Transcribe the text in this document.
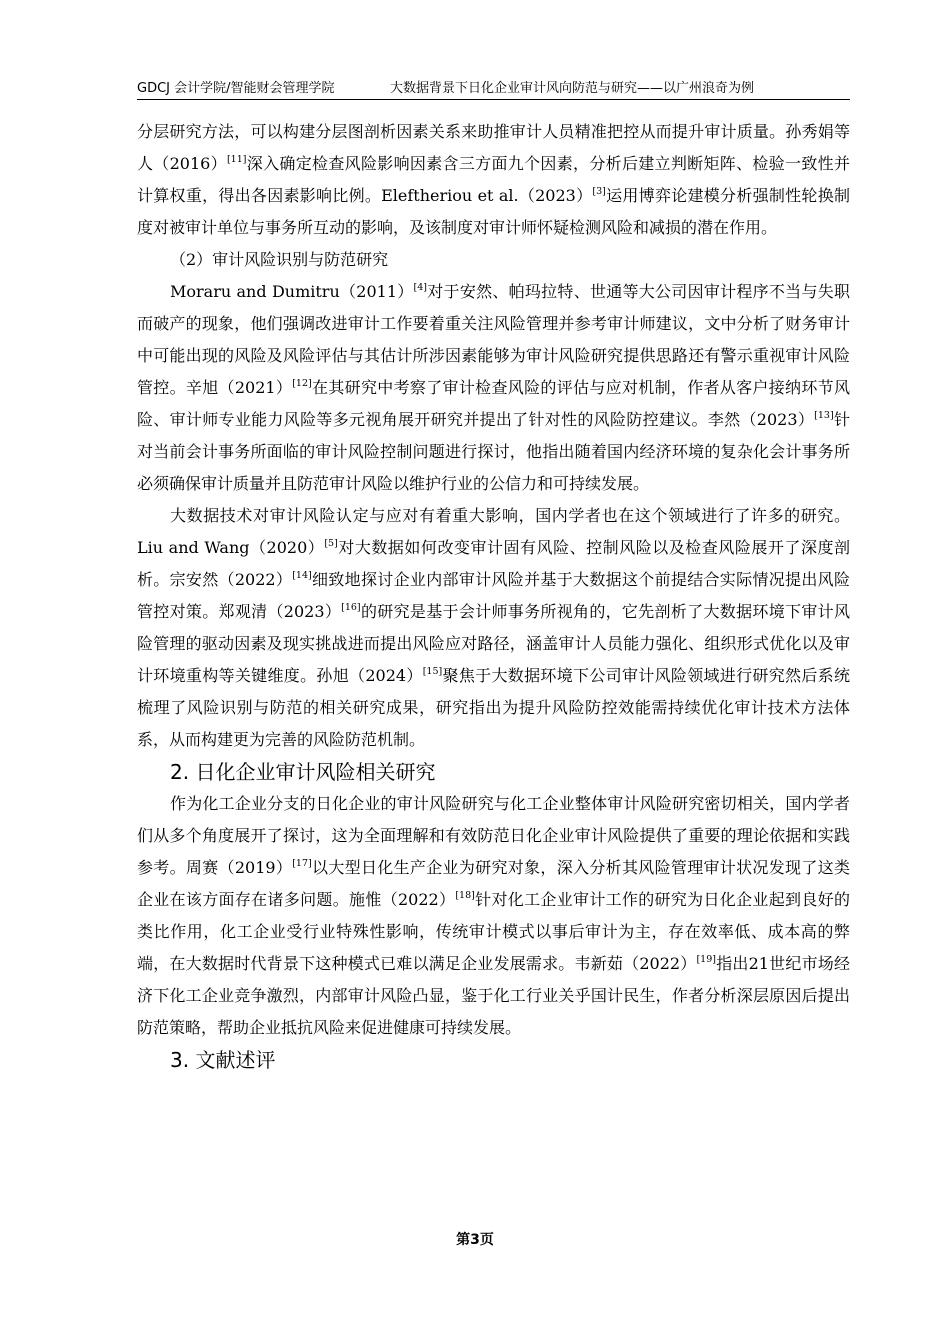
GDCJ 会计学院/智能财会管理学院	大数据背景下日化企业审计风向防范与研究——以广州浪奇为例

分层研究方法，可以构建分层图剖析因素关系来助推审计人员精准把控从而提升审计质量。孙秀娟等人（2016）[11]深入确定检查风险影响因素含三方面九个因素，分析后建立判断矩阵、检验一致性并计算权重，得出各因素影响比例。Eleftheriou et al.（2023）[3]运用博弈论建模分析强制性轮换制度对被审计单位与事务所互动的影响，及该制度对审计师怀疑检测风险和减损的潜在作用。

（2）审计风险识别与防范研究

Moraru and Dumitru（2011）[4]对于安然、帕玛拉特、世通等大公司因审计程序不当与失职而破产的现象，他们强调改进审计工作要着重关注风险管理并参考审计师建议，文中分析了财务审计中可能出现的风险及风险评估与其估计所涉因素能够为审计风险研究提供思路还有警示重视审计风险管控。辛旭（2021）[12]在其研究中考察了审计检查风险的评估与应对机制，作者从客户接纳环节风险、审计师专业能力风险等多元视角展开研究并提出了针对性的风险防控建议。李然（2023）[13]针对当前会计事务所面临的审计风险控制问题进行探讨，他指出随着国内经济环境的复杂化会计事务所必须确保审计质量并且防范审计风险以维护行业的公信力和可持续发展。

大数据技术对审计风险认定与应对有着重大影响，国内学者也在这个领域进行了许多的研究。Liu and Wang（2020）[5]对大数据如何改变审计固有风险、控制风险以及检查风险展开了深度剖析。宗安然（2022）[14]细致地探讨企业内部审计风险并基于大数据这个前提结合实际情况提出风险管控对策。郑观清（2023）[16]的研究是基于会计师事务所视角的，它先剖析了大数据环境下审计风险管理的驱动因素及现实挑战进而提出风险应对路径，涵盖审计人员能力强化、组织形式优化以及审计环境重构等关键维度。孙旭（2024）[15]聚焦于大数据环境下公司审计风险领域进行研究然后系统梳理了风险识别与防范的相关研究成果，研究指出为提升风险防控效能需持续优化审计技术方法体系，从而构建更为完善的风险防范机制。

2. 日化企业审计风险相关研究

作为化工企业分支的日化企业的审计风险研究与化工企业整体审计风险研究密切相关，国内学者们从多个角度展开了探讨，这为全面理解和有效防范日化企业审计风险提供了重要的理论依据和实践参考。周赛（2019）[17]以大型日化生产企业为研究对象，深入分析其风险管理审计状况发现了这类企业在该方面存在诸多问题。施惟（2022）[18]针对化工企业审计工作的研究为日化企业起到良好的类比作用，化工企业受行业特殊性影响，传统审计模式以事后审计为主，存在效率低、成本高的弊端，在大数据时代背景下这种模式已难以满足企业发展需求。韦新茹（2022）[19]指出21世纪市场经济下化工企业竞争激烈，内部审计风险凸显，鉴于化工行业关乎国计民生，作者分析深层原因后提出防范策略，帮助企业抵抗风险来促进健康可持续发展。

3. 文献述评
第3页
